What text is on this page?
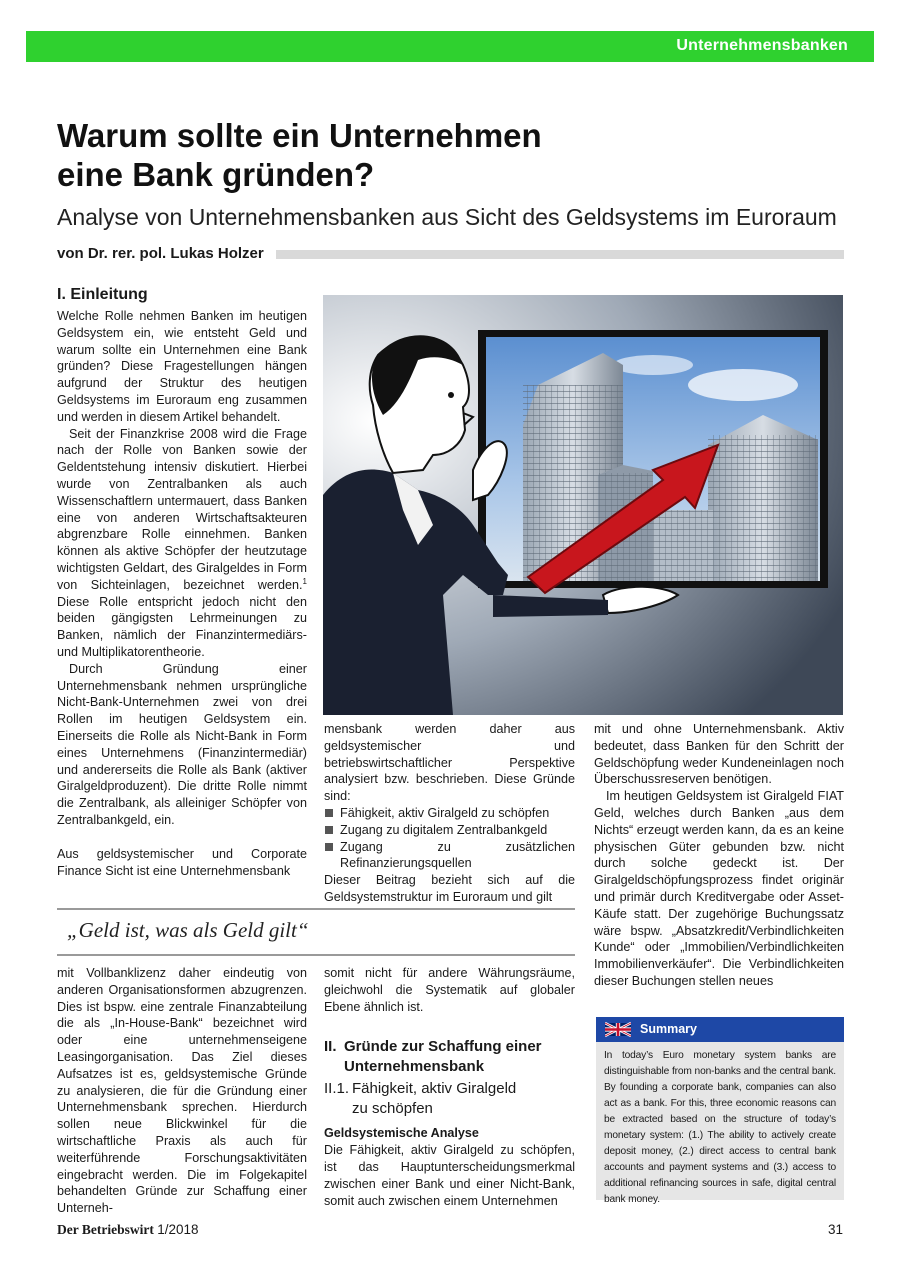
Unternehmensbanken
Warum sollte ein Unternehmen
eine Bank gründen?
Analyse von Unternehmensbanken aus Sicht des Geldsystems im Euroraum
von Dr. rer. pol. Lukas Holzer
I. Einleitung

Welche Rolle nehmen Banken im heutigen Geldsystem ein, wie entsteht Geld und warum sollte ein Unternehmen eine Bank gründen? Diese Fragestellungen hängen aufgrund der Struktur des heutigen Geldsystems im Euroraum eng zusammen und werden in diesem Artikel behandelt.

Seit der Finanzkrise 2008 wird die Frage nach der Rolle von Banken sowie der Geldentstehung intensiv diskutiert. Hierbei wurde von Zentralbanken als auch Wissenschaftlern untermauert, dass Banken eine von anderen Wirtschaftsakteuren abgrenzbare Rolle einnehmen. Banken können als aktive Schöpfer der heutzutage wichtigsten Geldart, des Giralgeldes in Form von Sichteinlagen, bezeichnet werden.$^1$ Diese Rolle entspricht jedoch nicht den beiden gängigsten Lehrmeinungen zu Banken, nämlich der Finanzintermediärs- und Multiplikatorentheorie.

Durch Gründung einer Unternehmensbank nehmen ursprüngliche Nicht-Bank-Unternehmen zwei von drei Rollen im heutigen Geldsystem ein. Einerseits die Rolle als Nicht-Bank in Form eines Unternehmens (Finanzintermediär) und andererseits die Rolle als Bank (aktiver Giralgeldproduzent). Die dritte Rolle nimmt die Zentralbank, als alleiniger Schöpfer von Zentralbankgeld, ein.

Aus geldsystemischer und Corporate Finance Sicht ist eine Unternehmensbank

mensbank werden daher aus geldsystemischer und betriebswirtschaftlicher Perspektive analysiert bzw. beschrieben. Diese Gründe sind:

Fähigkeit, aktiv Giralgeld zu schöpfen
Zugang zu digitalem Zentralbankgeld
Zugang zu zusätzlichen Refinanzierungsquellen

Dieser Beitrag bezieht sich auf die Geldsystemstruktur im Euroraum und gilt

mit und ohne Unternehmensbank. Aktiv bedeutet, dass Banken für den Schritt der Geldschöpfung weder Kundeneinlagen noch Überschussreserven benötigen.

Im heutigen Geldsystem ist Giralgeld FIAT Geld, welches durch Banken „aus dem Nichts“ erzeugt werden kann, da es an keine physischen Güter gebunden bzw. nicht durch solche gedeckt ist. Der Giralgeldschöpfungsprozess findet originär und primär durch Kreditvergabe oder Asset-Käufe statt. Der zugehörige Buchungssatz wäre bspw. „Absatzkredit/Verbindlichkeiten Kunde“ oder „Immobilien/Verbindlichkeiten Immobilienverkäufer“. Die Verbindlichkeiten dieser Buchungen stellen neues

„Geld ist, was als Geld gilt“

mit Vollbanklizenz daher eindeutig von anderen Organisationsformen abzugrenzen. Dies ist bspw. eine zentrale Finanzabteilung die als „In-House-Bank“ bezeichnet wird oder eine unternehmenseigene Leasingorganisation. Das Ziel dieses Aufsatzes ist es, geldsystemische Gründe zu analysieren, die für die Gründung einer Unternehmensbank sprechen. Hierdurch sollen neue Blickwinkel für die wirtschaftliche Praxis als auch für weiterführende Forschungsaktivitäten eingebracht werden. Die im Folgekapitel behandelten Gründe zur Schaffung einer Unterneh-

somit nicht für andere Währungsräume, gleichwohl die Systematik auf globaler Ebene ähnlich ist.

II. Gründe zur Schaffung einer
Unternehmensbank
II.1. Fähigkeit, aktiv Giralgeld
zu schöpfen
Geldsystemische Analyse

Die Fähigkeit, aktiv Giralgeld zu schöpfen, ist das Hauptunterscheidungsmerkmal zwischen einer Bank und einer Nicht-Bank, somit auch zwischen einem Unternehmen

Summary
In today’s Euro monetary system banks are distinguishable from non-banks and the central bank. By founding a corporate bank, companies can also act as a bank. For this, three economic reasons can be extracted based on the structure of today’s monetary system: (1.) The ability to actively create deposit money, (2.) direct access to central bank accounts and payment systems and (3.) access to additional refinancing sources in safe, digital central bank money.
Der Betriebswirt 1/2018	31
